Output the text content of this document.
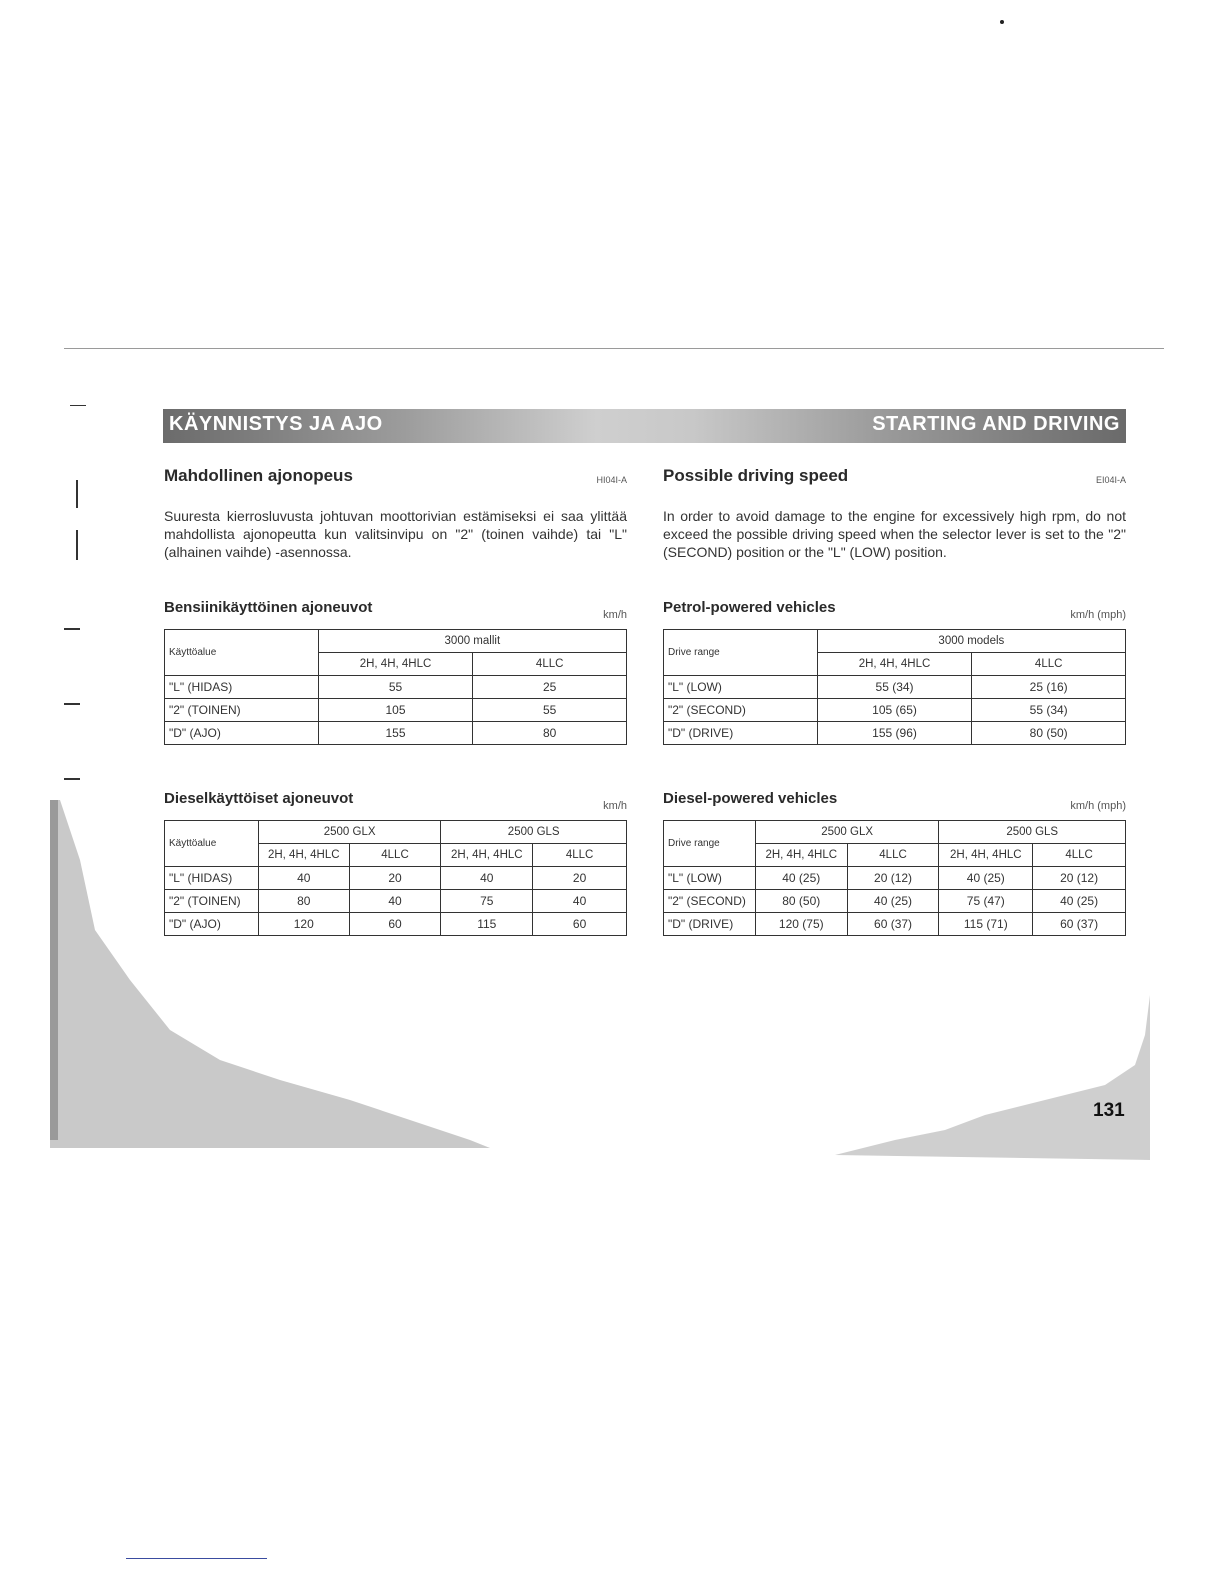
KÄYNNISTYS JA AJO	STARTING AND DRIVING
Mahdollinen ajonopeus	HI04I-A
Suuresta kierrosluvusta johtuvan moottorivian estämiseksi ei saa ylittää mahdollista ajonopeutta kun valitsinvipu on "2" (toinen vaihde) tai "L" (alhainen vaihde) -asennossa.
Bensiinikäyttöinen ajoneuvot	km/h
Käyttöalue	3000 mallit	
	2H, 4H, 4HLC	4LLC
"L" (HIDAS)	55	25
"2" (TOINEN)	105	55
"D" (AJO)	155	80
Dieselkäyttöiset ajoneuvot	km/h
Käyttöalue	2500 GLX		2500 GLS	
	2H, 4H, 4HLC	4LLC	2H, 4H, 4HLC	4LLC
"L" (HIDAS)	40	20	40	20
"2" (TOINEN)	80	40	75	40
"D" (AJO)	120	60	115	60
Possible driving speed	EI04I-A
In order to avoid damage to the engine for excessively high rpm, do not exceed the possible driving speed when the selector lever is set to the "2" (SECOND) position or the "L" (LOW) position.
Petrol-powered vehicles	km/h (mph)
Drive range	3000 models	
	2H, 4H, 4HLC	4LLC
"L" (LOW)	55 (34)	25 (16)
"2" (SECOND)	105 (65)	55 (34)
"D" (DRIVE)	155 (96)	80 (50)
Diesel-powered vehicles	km/h (mph)
Drive range	2500 GLX		2500 GLS	
	2H, 4H, 4HLC	4LLC	2H, 4H, 4HLC	4LLC
"L" (LOW)	40 (25)	20 (12)	40 (25)	20 (12)
"2" (SECOND)	80 (50)	40 (25)	75 (47)	40 (25)
"D" (DRIVE)	120 (75)	60 (37)	115 (71)	60 (37)
131
